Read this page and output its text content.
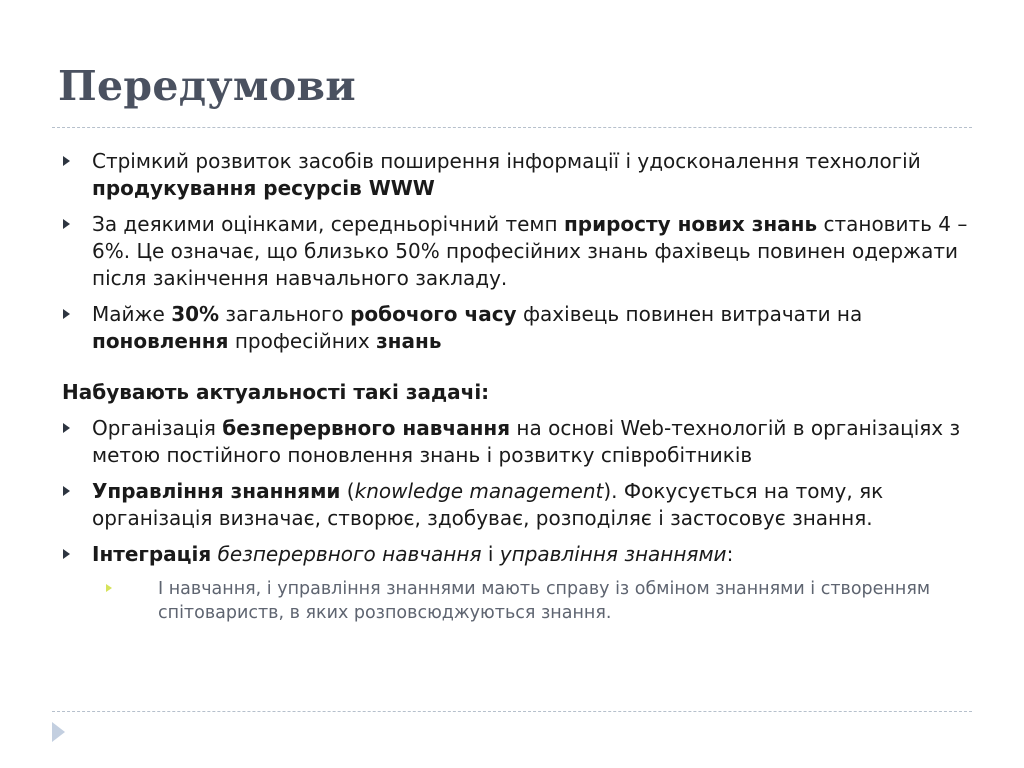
Передумови
Стрімкий розвиток засобів поширення інформації і удосконалення технологій продукування ресурсів WWW
За деякими оцінками, середньорічний темп приросту нових знань становить 4 – 6%. Це означає, що близько 50% професійних знань фахівець повинен одержати після закінчення навчального закладу.
Майже 30% загального робочого часу фахівець повинен витрачати на поновлення професійних знань
Набувають актуальності такі задачі:
Організація безперервного навчання на основі Web-технологій в організаціях з метою постійного поновлення знань і розвитку співробітників
Управління знаннями (knowledge management). Фокусується на тому, як організація визначає, створює, здобуває, розподіляє і застосовує знання.
Інтеграція безперервного навчання і управління знаннями:
І навчання, і управління знаннями мають справу із обміном знаннями і створенням спітовариств, в яких розповсюджуються знання.
